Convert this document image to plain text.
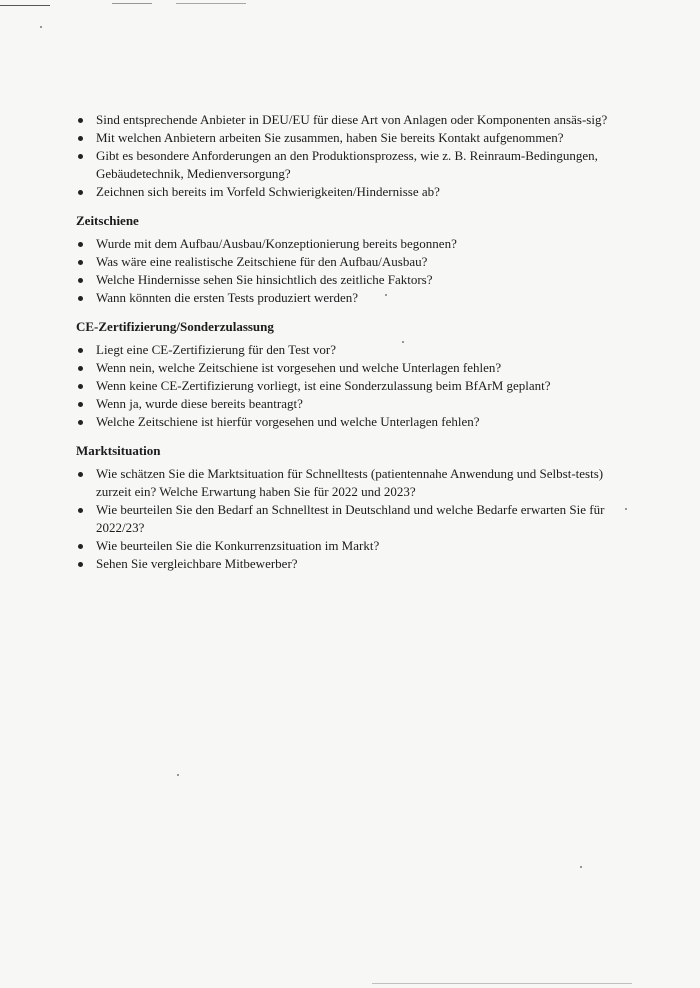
Sind entsprechende Anbieter in DEU/EU für diese Art von Anlagen oder Komponenten ansäs-sig?
Mit welchen Anbietern arbeiten Sie zusammen, haben Sie bereits Kontakt aufgenommen?
Gibt es besondere Anforderungen an den Produktionsprozess, wie z. B. Reinraum-Bedingungen, Gebäudetechnik, Medienversorgung?
Zeichnen sich bereits im Vorfeld Schwierigkeiten/Hindernisse ab?
Zeitschiene
Wurde mit dem Aufbau/Ausbau/Konzeptionierung bereits begonnen?
Was wäre eine realistische Zeitschiene für den Aufbau/Ausbau?
Welche Hindernisse sehen Sie hinsichtlich des zeitliche Faktors?
Wann könnten die ersten Tests produziert werden?
CE-Zertifizierung/Sonderzulassung
Liegt eine CE-Zertifizierung für den Test vor?
Wenn nein, welche Zeitschiene ist vorgesehen und welche Unterlagen fehlen?
Wenn keine CE-Zertifizierung vorliegt, ist eine Sonderzulassung beim BfArM geplant?
Wenn ja, wurde diese bereits beantragt?
Welche Zeitschiene ist hierfür vorgesehen und welche Unterlagen fehlen?
Marktsituation
Wie schätzen Sie die Marktsituation für Schnelltests (patientennahe Anwendung und Selbst-tests) zurzeit ein? Welche Erwartung haben Sie für 2022 und 2023?
Wie beurteilen Sie den Bedarf an Schnelltest in Deutschland und welche Bedarfe erwarten Sie für 2022/23?
Wie beurteilen Sie die Konkurrenzsituation im Markt?
Sehen Sie vergleichbare Mitbewerber?
